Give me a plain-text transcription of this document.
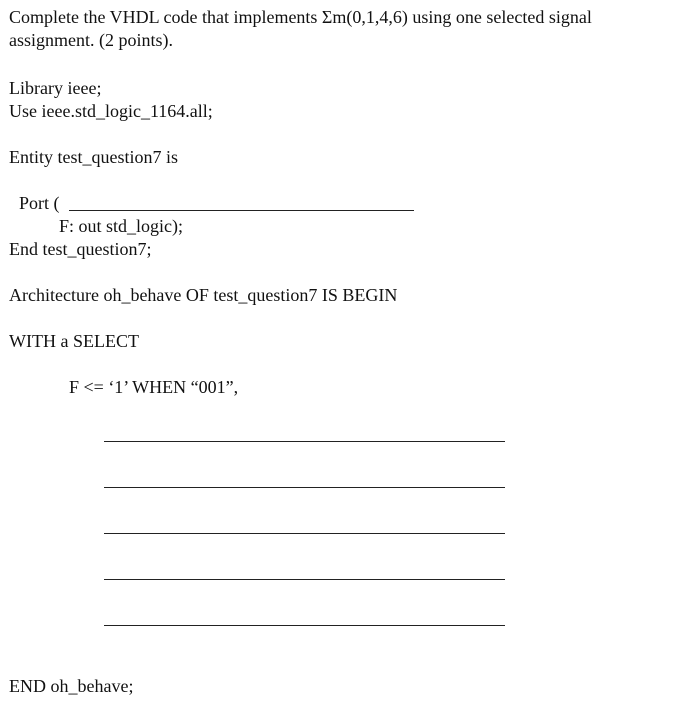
Complete the VHDL code that implements Σm(0,1,4,6) using one selected signal
assignment. (2 points).
Library ieee;
Use ieee.std_logic_1164.all;
Entity test_question7 is
Port (
F: out std_logic);
End test_question7;
Architecture oh_behave OF test_question7 IS BEGIN
WITH a SELECT
F <= ‘1’ WHEN “001”,
END oh_behave;
